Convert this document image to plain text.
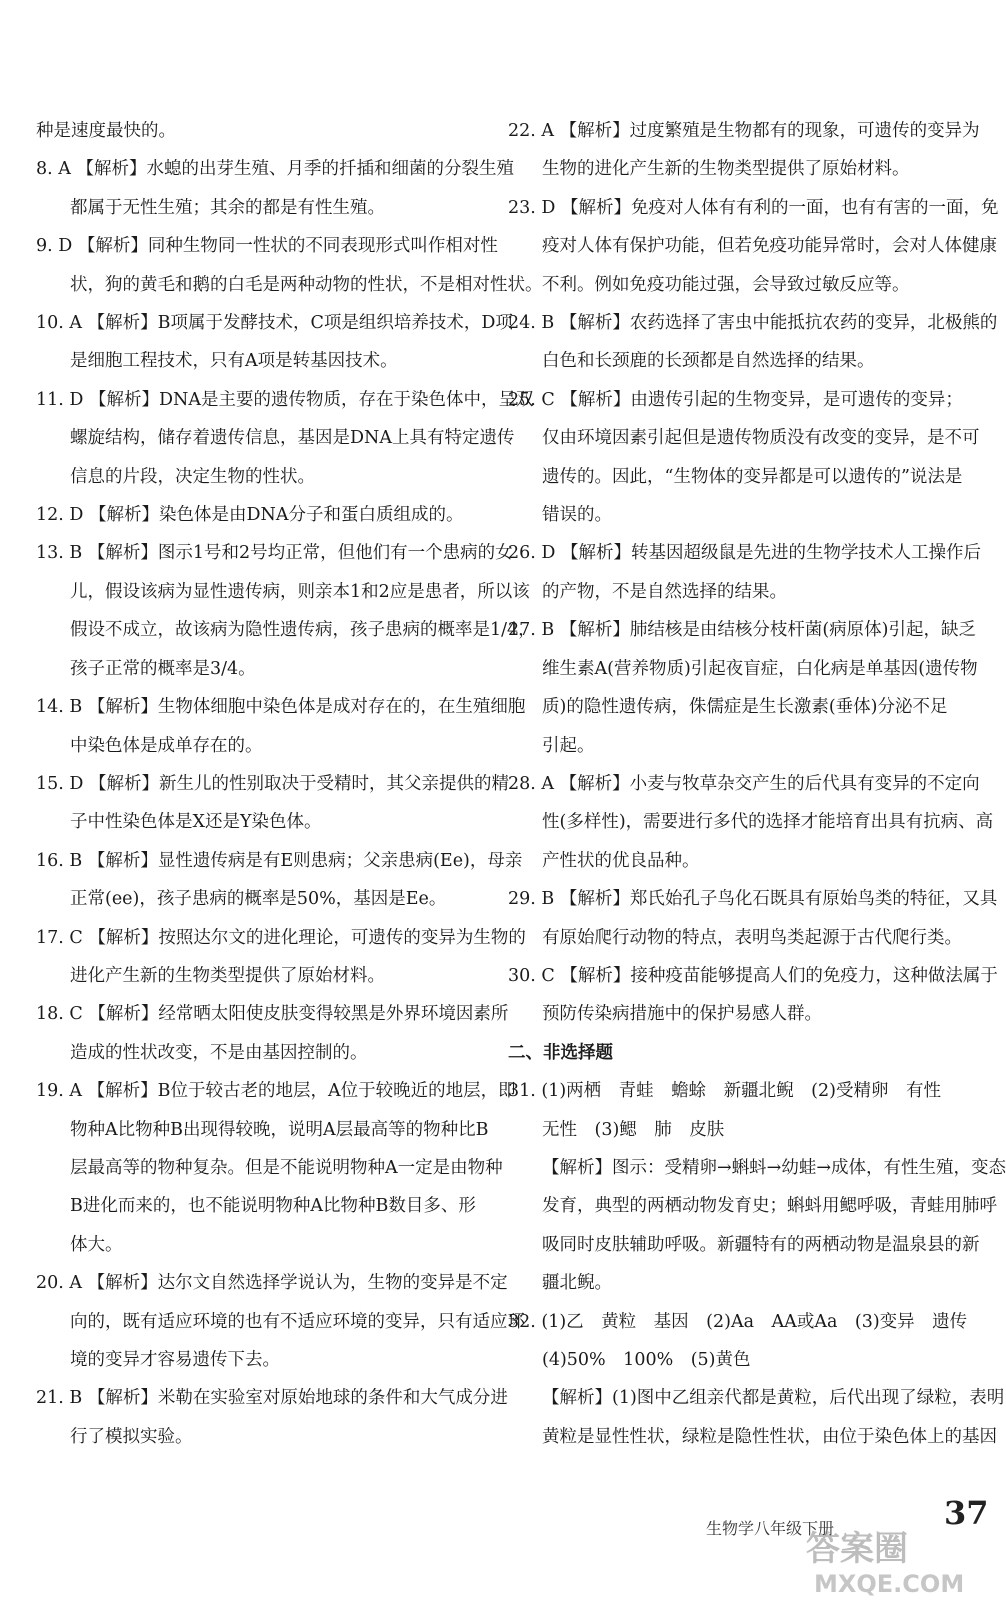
种是速度最快的。
8. A 【解析】水螅的出芽生殖、月季的扦插和细菌的分裂生殖
都属于无性生殖；其余的都是有性生殖。
9. D 【解析】同种生物同一性状的不同表现形式叫作相对性
状，狗的黄毛和鹅的白毛是两种动物的性状，不是相对性状。
10. A 【解析】B项属于发酵技术，C项是组织培养技术，D项
是细胞工程技术，只有A项是转基因技术。
11. D 【解析】DNA是主要的遗传物质，存在于染色体中，呈双
螺旋结构，储存着遗传信息，基因是DNA上具有特定遗传
信息的片段，决定生物的性状。
12. D 【解析】染色体是由DNA分子和蛋白质组成的。
13. B 【解析】图示1号和2号均正常，但他们有一个患病的女
儿，假设该病为显性遗传病，则亲本1和2应是患者，所以该
假设不成立，故该病为隐性遗传病，孩子患病的概率是1/4，
孩子正常的概率是3/4。
14. B 【解析】生物体细胞中染色体是成对存在的，在生殖细胞
中染色体是成单存在的。
15. D 【解析】新生儿的性别取决于受精时，其父亲提供的精
子中性染色体是X还是Y染色体。
16. B 【解析】显性遗传病是有E则患病；父亲患病(Ee)，母亲
正常(ee)，孩子患病的概率是50%，基因是Ee。
17. C 【解析】按照达尔文的进化理论，可遗传的变异为生物的
进化产生新的生物类型提供了原始材料。
18. C 【解析】经常晒太阳使皮肤变得较黑是外界环境因素所
造成的性状改变，不是由基因控制的。
19. A 【解析】B位于较古老的地层，A位于较晚近的地层，即
物种A比物种B出现得较晚，说明A层最高等的物种比B
层最高等的物种复杂。但是不能说明物种A一定是由物种
B进化而来的，也不能说明物种A比物种B数目多、形
体大。
20. A 【解析】达尔文自然选择学说认为，生物的变异是不定
向的，既有适应环境的也有不适应环境的变异，只有适应环
境的变异才容易遗传下去。
21. B 【解析】米勒在实验室对原始地球的条件和大气成分进
行了模拟实验。
22. A 【解析】过度繁殖是生物都有的现象，可遗传的变异为
生物的进化产生新的生物类型提供了原始材料。
23. D 【解析】免疫对人体有有利的一面，也有有害的一面，免
疫对人体有保护功能，但若免疫功能异常时，会对人体健康
不利。例如免疫功能过强，会导致过敏反应等。
24. B 【解析】农药选择了害虫中能抵抗农药的变异，北极熊的
白色和长颈鹿的长颈都是自然选择的结果。
25. C 【解析】由遗传引起的生物变异，是可遗传的变异；
仅由环境因素引起但是遗传物质没有改变的变异，是不可
遗传的。因此，“生物体的变异都是可以遗传的”说法是
错误的。
26. D 【解析】转基因超级鼠是先进的生物学技术人工操作后
的产物，不是自然选择的结果。
27. B 【解析】肺结核是由结核分枝杆菌(病原体)引起，缺乏
维生素A(营养物质)引起夜盲症，白化病是单基因(遗传物
质)的隐性遗传病，侏儒症是生长激素(垂体)分泌不足
引起。
28. A 【解析】小麦与牧草杂交产生的后代具有变异的不定向
性(多样性)，需要进行多代的选择才能培育出具有抗病、高
产性状的优良品种。
29. B 【解析】郑氏始孔子鸟化石既具有原始鸟类的特征，又具
有原始爬行动物的特点，表明鸟类起源于古代爬行类。
30. C 【解析】接种疫苗能够提高人们的免疫力，这种做法属于
预防传染病措施中的保护易感人群。
二、非选择题
31. (1)两栖　青蛙　蟾蜍　新疆北鲵　(2)受精卵　有性
无性　(3)鳃　肺　皮肤
【解析】图示：受精卵→蝌蚪→幼蛙→成体，有性生殖，变态
发育，典型的两栖动物发育史；蝌蚪用鳃呼吸，青蛙用肺呼
吸同时皮肤辅助呼吸。新疆特有的两栖动物是温泉县的新
疆北鲵。
32. (1)乙　黄粒　基因　(2)Aa　AA或Aa　(3)变异　遗传
(4)50%　100%　(5)黄色
【解析】(1)图中乙组亲代都是黄粒，后代出现了绿粒，表明
黄粒是显性性状，绿粒是隐性性状，由位于染色体上的基因
生物学八年级下册	37
答案圈
MXQE.COM
